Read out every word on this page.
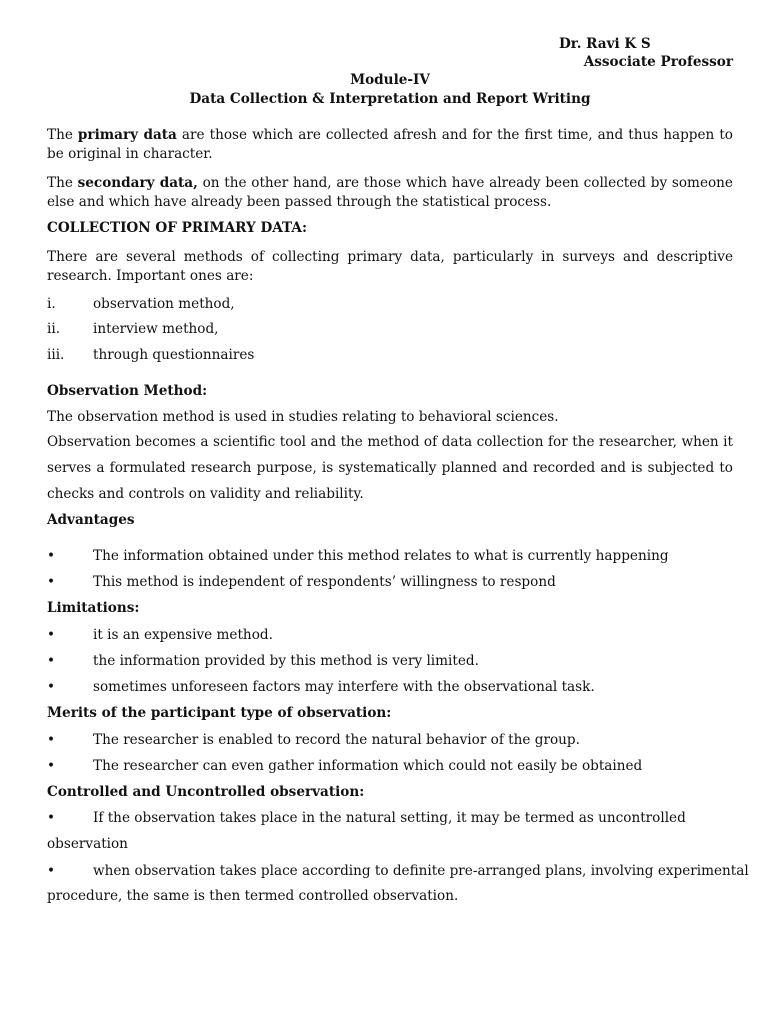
Dr. Ravi K S
Associate Professor
Module-IV
Data Collection & Interpretation and Report Writing
The primary data are those which are collected afresh and for the first time, and thus happen to be original in character.
The secondary data, on the other hand, are those which have already been collected by someone else and which have already been passed through the statistical process.
COLLECTION OF PRIMARY DATA:
There are several methods of collecting primary data, particularly in surveys and descriptive research. Important ones are:
i.	observation method,
ii. interview method,
iii. through questionnaires
Observation Method:
The observation method is used in studies relating to behavioral sciences.
Observation becomes a scientific tool and the method of data collection for the researcher, when it serves a formulated research purpose, is systematically planned and recorded and is subjected to checks and controls on validity and reliability.
Advantages
•	The information obtained under this method relates to what is currently happening
•	This method is independent of respondents’ willingness to respond
Limitations:
•	it is an expensive method.
•	the information provided by this method is very limited.
•	sometimes unforeseen factors may interfere with the observational task.
Merits of the participant type of observation:
•	The researcher is enabled to record the natural behavior of the group.
•	The researcher can even gather information which could not easily be obtained
Controlled and Uncontrolled observation:
•	If the observation takes place in the natural setting, it may be termed as uncontrolled
observation
•	when observation takes place according to definite pre-arranged plans, involving experimental
procedure, the same is then termed controlled observation.
